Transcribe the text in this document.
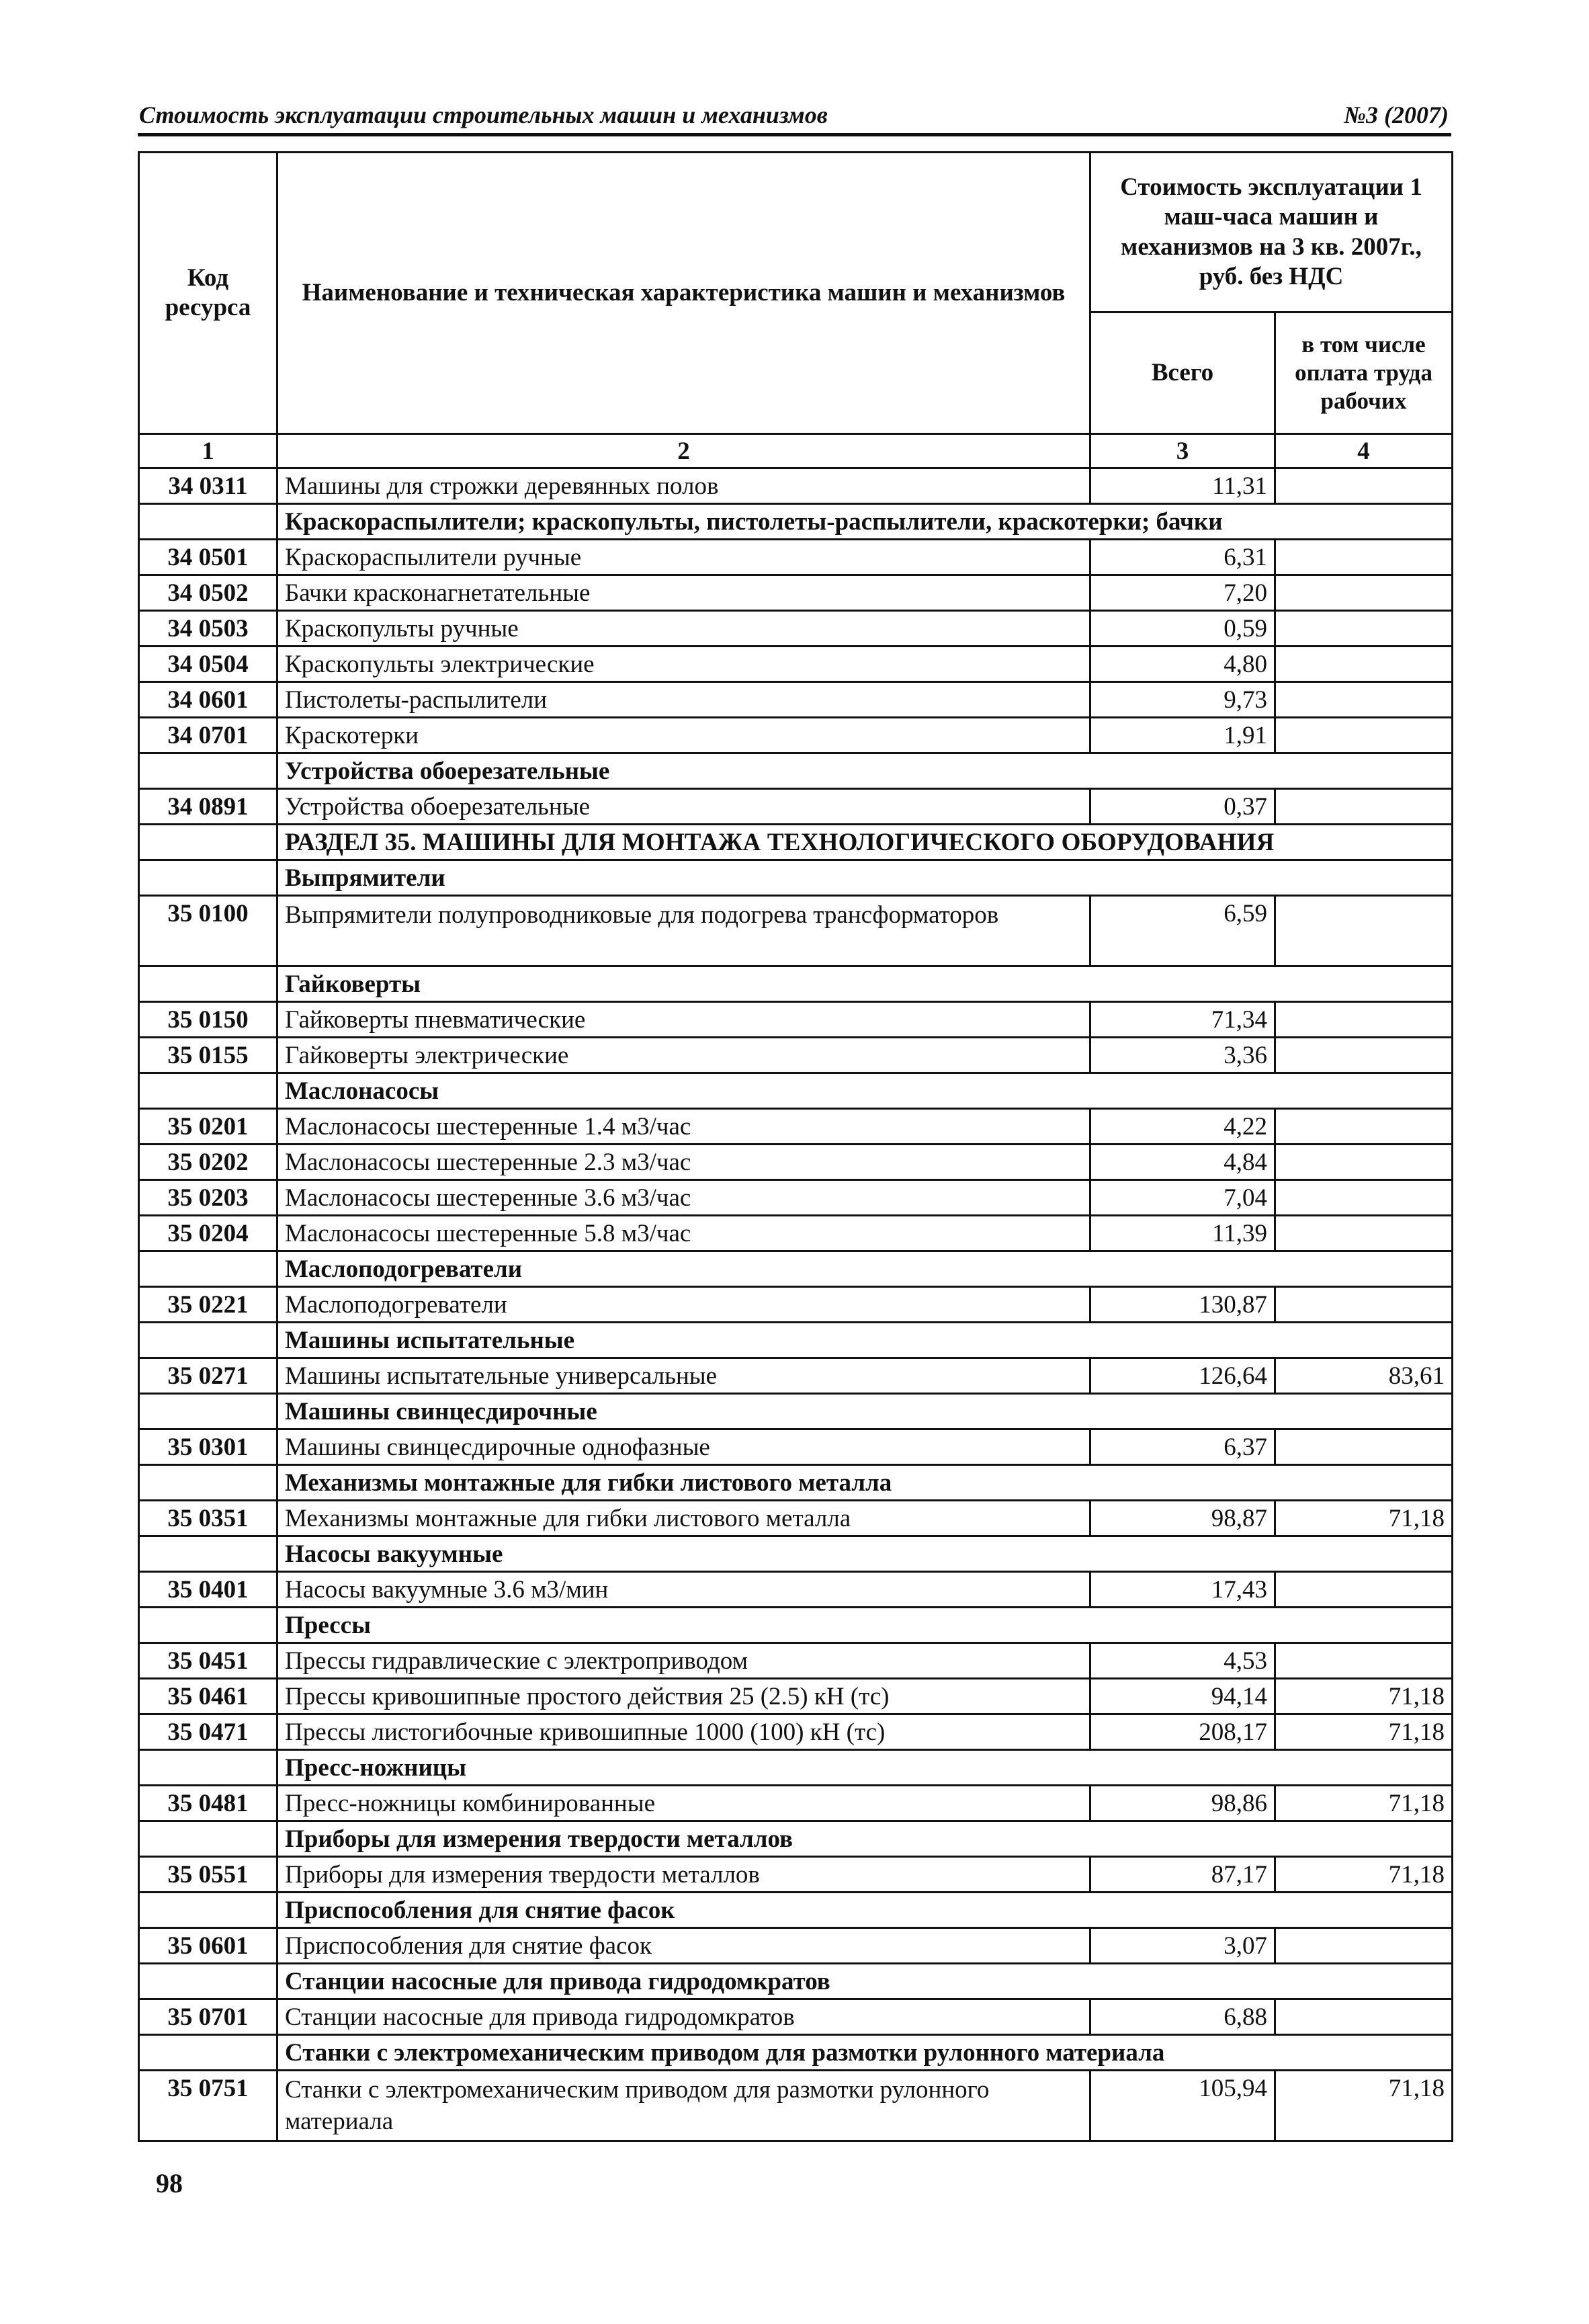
Стоимость эксплуатации строительных машин и механизмов	№3 (2007)
Код ресурса	Наименование и техническая характеристика машин и механизмов	Стоимость эксплуатации 1 маш-часа машин и механизмов на 3 кв. 2007г., руб. без НДС	
		Всего	в том числе оплата труда рабочих
1	2	3	4
34 0311	Машины для строжки деревянных полов	11,31	
	Краскораспылители; краскопульты, пистолеты-распылители, краскотерки; бачки		
34 0501	Краскораспылители ручные	6,31	
34 0502	Бачки красконагнетательные	7,20	
34 0503	Краскопульты ручные	0,59	
34 0504	Краскопульты электрические	4,80	
34 0601	Пистолеты-распылители	9,73	
34 0701	Краскотерки	1,91	
	Устройства обоерезательные		
34 0891	Устройства обоерезательные	0,37	
	РАЗДЕЛ 35. МАШИНЫ ДЛЯ МОНТАЖА ТЕХНОЛОГИЧЕСКОГО ОБОРУДОВАНИЯ		
	Выпрямители		
35 0100	Выпрямители полупроводниковые для подогрева трансформаторов	6,59	
	Гайковерты		
35 0150	Гайковерты пневматические	71,34	
35 0155	Гайковерты электрические	3,36	
	Маслонасосы		
35 0201	Маслонасосы шестеренные 1.4 м3/час	4,22	
35 0202	Маслонасосы шестеренные 2.3 м3/час	4,84	
35 0203	Маслонасосы шестеренные 3.6 м3/час	7,04	
35 0204	Маслонасосы шестеренные 5.8 м3/час	11,39	
	Маслоподогреватели		
35 0221	Маслоподогреватели	130,87	
	Машины испытательные		
35 0271	Машины испытательные универсальные	126,64	83,61
	Машины свинцесдирочные		
35 0301	Машины свинцесдирочные однофазные	6,37	
	Механизмы монтажные для гибки листового металла		
35 0351	Механизмы монтажные для гибки листового металла	98,87	71,18
	Насосы вакуумные		
35 0401	Насосы вакуумные 3.6 м3/мин	17,43	
	Прессы		
35 0451	Прессы гидравлические с электроприводом	4,53	
35 0461	Прессы кривошипные простого действия 25 (2.5) кН (тс)	94,14	71,18
35 0471	Прессы листогибочные кривошипные 1000 (100) кН (тс)	208,17	71,18
	Пресс-ножницы		
35 0481	Пресс-ножницы комбинированные	98,86	71,18
	Приборы для измерения твердости металлов		
35 0551	Приборы для измерения твердости металлов	87,17	71,18
	Приспособления для снятие фасок		
35 0601	Приспособления для снятие фасок	3,07	
	Станции насосные для привода гидродомкратов		
35 0701	Станции насосные для привода гидродомкратов	6,88	
	Станки с электромеханическим приводом для размотки рулонного материала		
35 0751	Станки с электромеханическим приводом для размотки рулонного материала	105,94	71,18
98
